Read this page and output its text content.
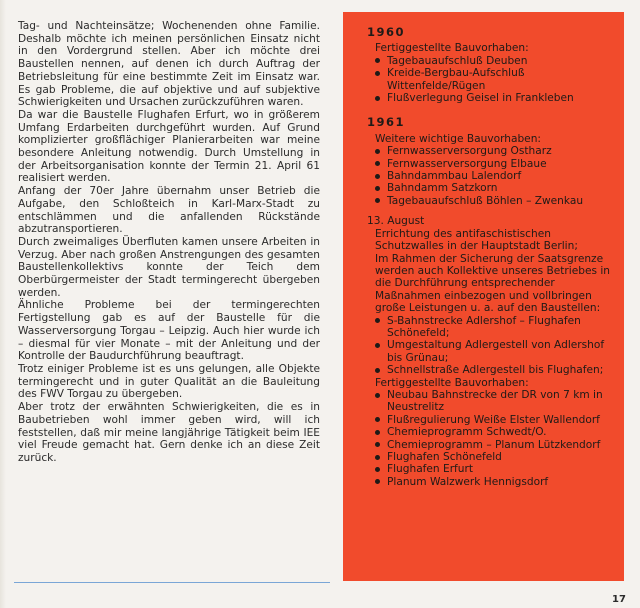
Tag- und Nachteinsätze; Wochenenden ohne Familie. Deshalb möchte ich meinen persönlichen Einsatz nicht in den Vordergrund stellen. Aber ich möchte drei Baustellen nennen, auf denen ich durch Auftrag der Betriebsleitung für eine bestimmte Zeit im Einsatz war. Es gab Probleme, die auf objektive und auf subjektive Schwierigkeiten und Ursachen zurückzuführen waren.

Da war die Baustelle Flughafen Erfurt, wo in größerem Umfang Erdarbeiten durchgeführt wurden. Auf Grund komplizierter großflächiger Planierarbeiten war meine besondere Anleitung notwendig. Durch Umstellung in der Arbeitsorganisation konnte der Termin 21. April 61 realisiert werden.

Anfang der 70er Jahre übernahm unser Betrieb die Aufgabe, den Schloßteich in Karl-Marx-Stadt zu entschlämmen und die anfallenden Rückstände abzutransportieren.

Durch zweimaliges Überfluten kamen unsere Arbeiten in Verzug. Aber nach großen Anstrengungen des gesamten Baustellenkollektivs konnte der Teich dem Oberbürgermeister der Stadt termingerecht übergeben werden.

Ähnliche Probleme bei der termingerechten Fertigstellung gab es auf der Baustelle für die Wasserversorgung Torgau – Leipzig. Auch hier wurde ich – diesmal für vier Monate – mit der Anleitung und der Kontrolle der Baudurchführung beauftragt.

Trotz einiger Probleme ist es uns gelungen, alle Objekte termingerecht und in guter Qualität an die Bauleitung des FWV Torgau zu übergeben.

Aber trotz der erwähnten Schwierigkeiten, die es in Baubetrieben wohl immer geben wird, will ich feststellen, daß mir meine langjährige Tätigkeit beim IEE viel Freude gemacht hat. Gern denke ich an diese Zeit zurück.

1960
Fertiggestellte Bauvorhaben:
Tagebauaufschluß Deuben
Kreide-Bergbau-Aufschluß Wittenfelde/Rügen
Flußverlegung Geisel in Frankleben
1961
Weitere wichtige Bauvorhaben:
Fernwasserversorgung Ostharz
Fernwasserversorgung Elbaue
Bahndammbau Lalendorf
Bahndamm Satzkorn
Tagebauaufschluß Böhlen – Zwenkau
13. August
Errichtung des antifaschistischen Schutzwalles in der Hauptstadt Berlin;
Im Rahmen der Sicherung der Saatsgrenze werden auch Kollektive unseres Betriebes in die Durchführung entsprechender Maßnahmen einbezogen und vollbringen große Leistungen u. a. auf den Baustellen:
S-Bahnstrecke Adlershof – Flughafen Schönefeld;
Umgestaltung Adlergestell von Adlershof bis Grünau;
Schnellstraße Adlergestell bis Flughafen;
Fertiggestellte Bauvorhaben:
Neubau Bahnstrecke der DR von 7 km in Neustrelitz
Flußregulierung Weiße Elster Wallendorf
Chemieprogramm Schwedt/O.
Chemieprogramm – Planum Lützkendorf
Flughafen Schönefeld
Flughafen Erfurt
Planum Walzwerk Hennigsdorf
17
